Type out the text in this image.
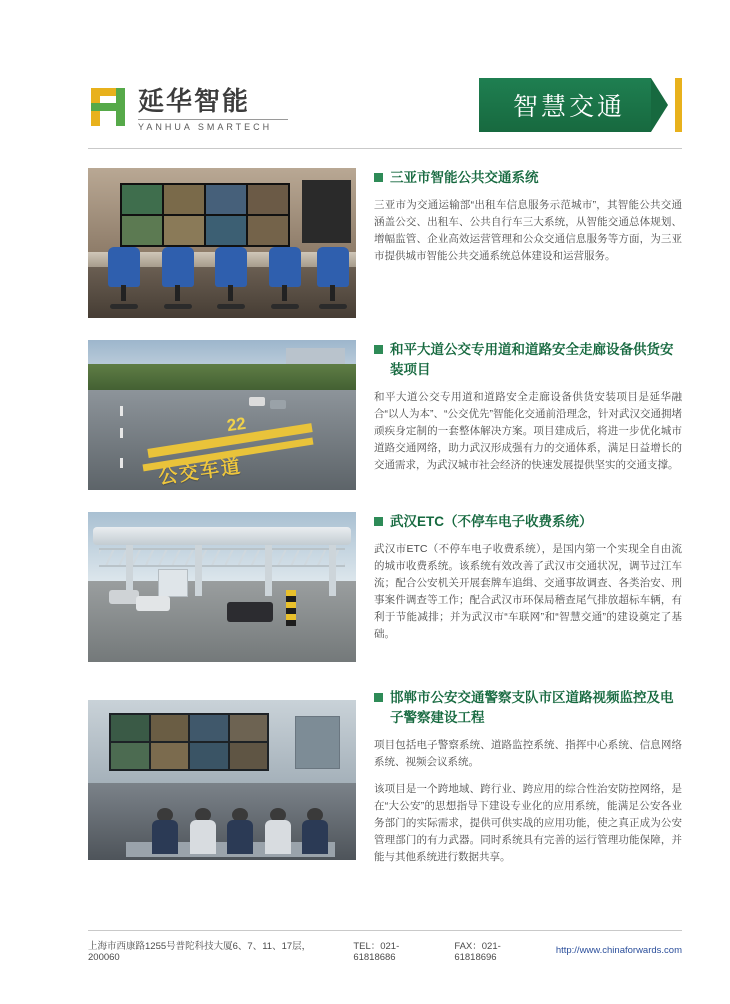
延华智能
YANHUA SMARTECH
智慧交通
三亚市智能公共交通系统

三亚市为交通运输部“出租车信息服务示范城市”，其智能公共交通涵盖公交、出租车、公共自行车三大系统，从智能交通总体规划、增幅监管、企业高效运营管理和公众交通信息服务等方面，为三亚市提供城市智能公共交通系统总体建设和运营服务。

22
公交车道
和平大道公交专用道和道路安全走廊设备供货安装项目

和平大道公交专用道和道路安全走廊设备供货安装项目是延华融合“以人为本”、“公交优先”智能化交通前沿理念，针对武汉交通拥堵顽疾身定制的一套整体解决方案。项目建成后，将进一步优化城市道路交通网络，助力武汉形成强有力的交通体系，满足日益增长的交通需求，为武汉城市社会经济的快速发展提供坚实的交通支撑。

武汉ETC（不停车电子收费系统）

武汉市ETC（不停车电子收费系统），是国内第一个实现全自由流的城市收费系统。该系统有效改善了武汉市交通状况，调节过江车流；配合公安机关开展套牌车追缉、交通事故调查、各类治安、刑事案件调查等工作；配合武汉市环保局稽查尾气排放超标车辆，有利于节能减排；并为武汉市“车联网”和“智慧交通”的建设奠定了基础。

邯郸市公安交通警察支队市区道路视频监控及电子警察建设工程

项目包括电子警察系统、道路监控系统、指挥中心系统、信息网络系统、视频会议系统。

该项目是一个跨地域、跨行业、跨应用的综合性治安防控网络，是在“大公安”的思想指导下建设专业化的应用系统，能满足公安各业务部门的实际需求，提供可供实战的应用功能，使之真正成为公安管理部门的有力武器。同时系统具有完善的运行管理功能保障，并能与其他系统进行数据共享。

上海市西康路1255号普陀科技大厦6、7、11、17层，200060
TEL：021-61818686
FAX：021-61818696
http://www.chinaforwards.com
